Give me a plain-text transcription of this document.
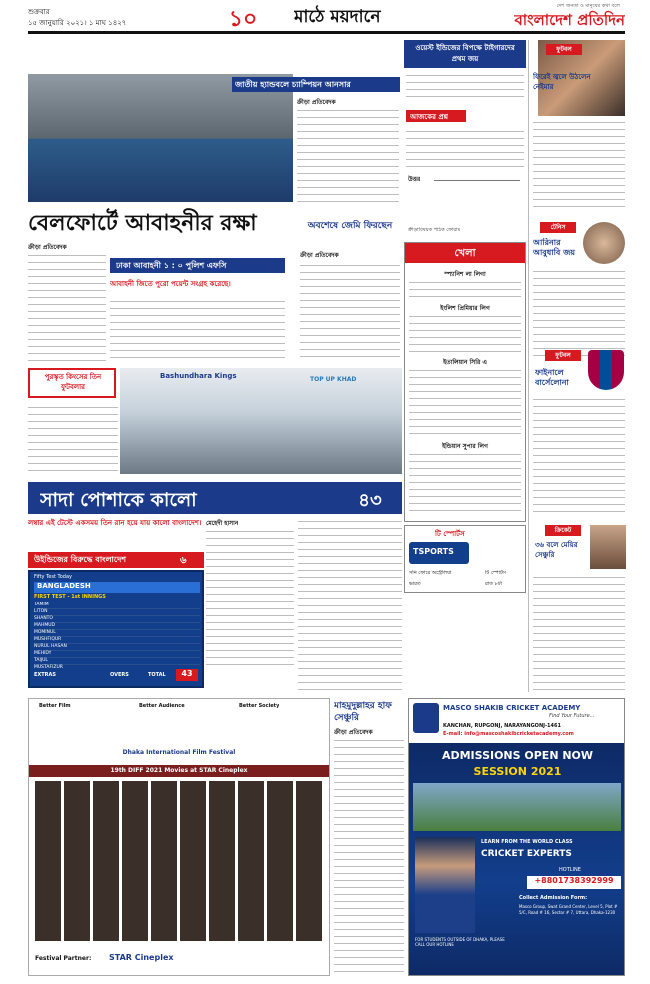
শুক্রবার
১৫ জানুয়ারি ২০২১। ১ মাঘ ১৪২৭	১০	মাঠে ময়দানে
দেশ জনতা ও মানুষের কথা বলে
বাংলাদেশ প্রতিদিন
জাতীয় হ্যান্ডবলে চ্যাম্পিয়ন আনসার
ক্রীড়া প্রতিবেদক
ওয়েস্ট ইন্ডিজের বিপক্ষে টাইগারদের প্রথম জয়
আজকের প্রশ্ন
উত্তর
ক্রীড়াবিষয়ক পাঠক ফোরাম
ফুটবল
ফিরেই জ্বলে উঠলেন নেইমার
বেলফোর্টে আবাহনীর রক্ষা
ক্রীড়া প্রতিবেদক
ঢাকা আবাহনী ১ : ০ পুলিশ এফসি
আবাহনী জিতে পুরো পয়েন্ট সংগ্রহ করেছে।
অবশেষে জেমি ফিরছেন
ক্রীড়া প্রতিবেদক
পুরস্কৃত কিংসের তিন ফুটবলার
Bashundhara Kings	TOP UP KHAD
খেলা
স্প্যানিশ লা লিগা
ইংলিশ প্রিমিয়ার লিগ
ইতালিয়ান সিরি এ
ইন্ডিয়ান সুপার লিগ
টি স্পোর্টস
TSPORTS
সনি ফোরে অস্ট্রেলিয়া	টি স্পোর্টস
ভারত	রাত ৮টা
টেনিস
আরিনার আবুধাবি জয়
ফুটবল
ফাইনালে বার্সেলোনা
ক্রিকেট
৩৬ বলে মেয়ির সেঞ্চুরি
সাদা পোশাকে কালো	৪৩
লম্বার এই টেস্টে একসময় তিন রান হয়ে যায় কালো বাংলাদেশ।
উইন্ডিজের বিরুদ্ধে বাংলাদেশ	৬
মেহেদী হাসান
Fifty Test Today
BANGLADESH
FIRST TEST - 1st INNINGS
TAMIM
LITON
SHANTO
MAHMUD
MOMINUL
MUSHFIQUR
NURUL HASAN
MEHIDY
TAIJUL
MUSTAFIZUR
EXTRAS	OVERS	TOTAL	43
Better Film	Better Audience	Better Society
Dhaka International Film Festival
19th DIFF 2021 Movies at STAR Cineplex
Festival Partner: STAR Cineplex
মাহমুদুল্লাহর হাফ সেঞ্চুরি
ক্রীড়া প্রতিবেদক
MASCO SHAKIB CRICKET ACADEMY
Find Your Future...
KANCHAN, RUPGONJ, NARAYANGONJ-1461
E-mail: info@mascoshakibcricketacademy.com
ADMISSIONS OPEN NOW
SESSION 2021
LEARN FROM THE WORLD CLASS
CRICKET EXPERTS
HOTLINE
+8801738392999
FOR STUDENTS OUTSIDE OF DHAKA, PLEASE CALL OUR HOTLINE
Collect Admission Form:
Masco Group, Swat Grand Center, Level 5, Plot # 5/C, Road # 16, Sector # 7, Uttara, Dhaka-1230
